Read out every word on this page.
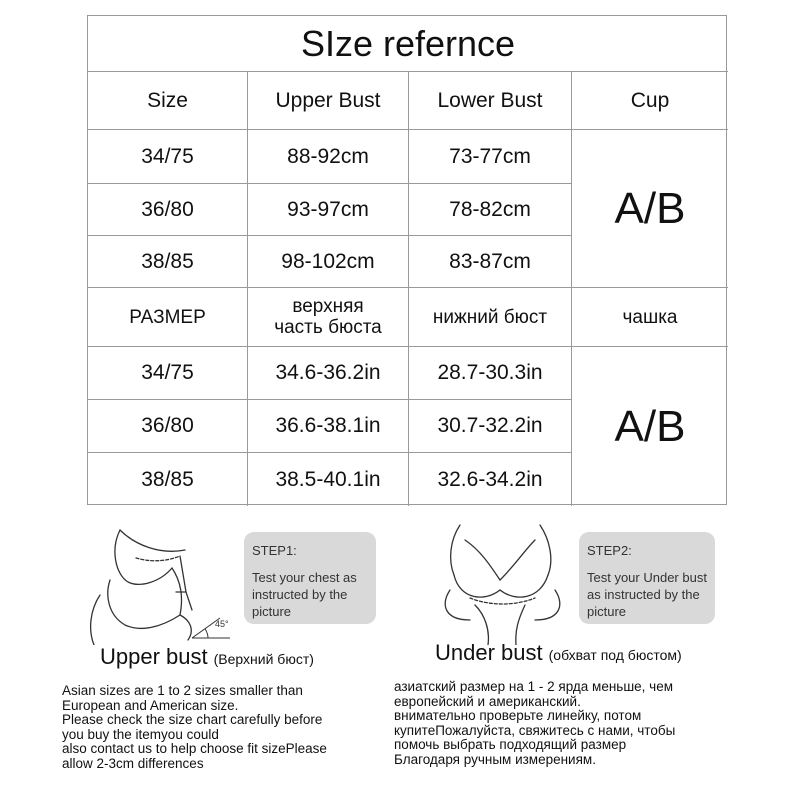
SIze refernce
Size	Upper Bust	Lower Bust	Cup
34/75	88-92cm	73-77cm
36/80	93-97cm	78-82cm
38/85	98-102cm	83-87cm
A/B
РАЗМЕР	верхняя часть бюста	нижний бюст	чашка
34/75	34.6-36.2in	28.7-30.3in
36/80	36.6-38.1in	30.7-32.2in
38/85	38.5-40.1in	32.6-34.2in
A/B
45°
STEP1:
Test your chest as instructed by the picture
Upper bust (Верхний бюст)
STEP2:
Test your Under bust as instructed by the picture
Under bust (обхват под бюстом)
Asian sizes are 1 to 2 sizes smaller than
European and American size.
Please check the size chart carefully before
you buy the itemyou could
also contact us to help choose fit sizePlease
allow 2-3cm differences
азиатский размер на 1 - 2 ярда меньше, чем
европейский и американский.
внимательно проверьте линейку, потом
купитеПожалуйста, свяжитесь с нами, чтобы
помочь выбрать подходящий размер
Благодаря ручным измерениям.
